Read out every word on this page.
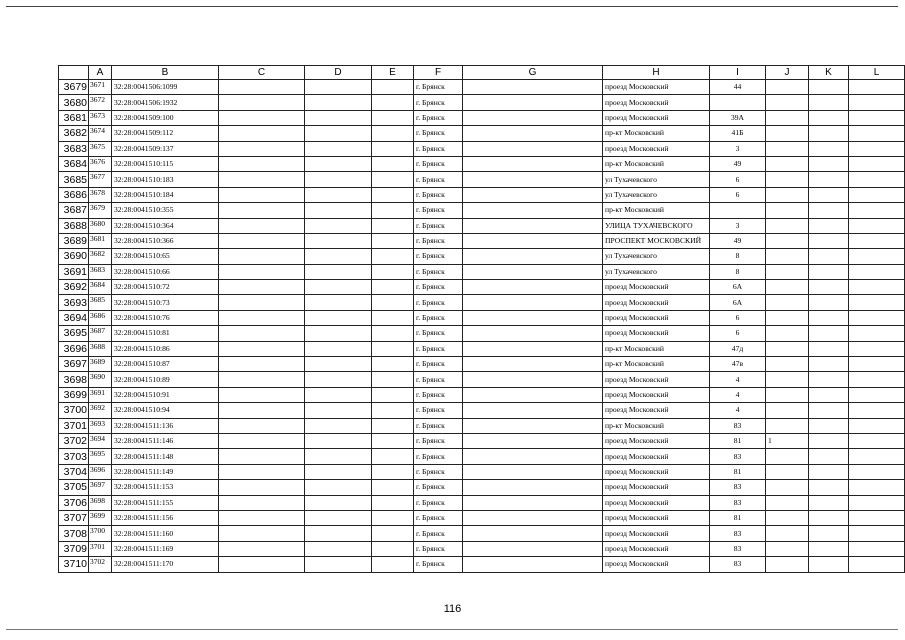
	A	B	C	D	E	F	G	H	I	J	K	L
3679	3671	32:28:0041506:1099				г. Брянск		проезд Московский	44			
3680	3672	32:28:0041506:1932				г. Брянск		проезд Московский				
3681	3673	32:28:0041509:100				г. Брянск		проезд Московский	39А			
3682	3674	32:28:0041509:112				г. Брянск		пр-кт Московский	41Б			
3683	3675	32:28:0041509:137				г. Брянск		проезд Московский	3			
3684	3676	32:28:0041510:115				г. Брянск		пр-кт Московский	49			
3685	3677	32:28:0041510:183				г. Брянск		ул Тухачевского	6			
3686	3678	32:28:0041510:184				г. Брянск		ул Тухачевского	6			
3687	3679	32:28:0041510:355				г. Брянск		пр-кт Московский				
3688	3680	32:28:0041510:364				г. Брянск		УЛИЦА ТУХАЧЕВСКОГО	3			
3689	3681	32:28:0041510:366				г. Брянск		ПРОСПЕКТ МОСКОВСКИЙ	49			
3690	3682	32:28:0041510:65				г. Брянск		ул Тухачевского	8			
3691	3683	32:28:0041510:66				г. Брянск		ул Тухачевского	8			
3692	3684	32:28:0041510:72				г. Брянск		проезд Московский	6А			
3693	3685	32:28:0041510:73				г. Брянск		проезд Московский	6А			
3694	3686	32:28:0041510:76				г. Брянск		проезд Московский	6			
3695	3687	32:28:0041510:81				г. Брянск		проезд Московский	6			
3696	3688	32:28:0041510:86				г. Брянск		пр-кт Московский	47д			
3697	3689	32:28:0041510:87				г. Брянск		пр-кт Московский	47в			
3698	3690	32:28:0041510:89				г. Брянск		проезд Московский	4			
3699	3691	32:28:0041510:91				г. Брянск		проезд Московский	4			
3700	3692	32:28:0041510:94				г. Брянск		проезд Московский	4			
3701	3693	32:28:0041511:136				г. Брянск		пр-кт Московский	83			
3702	3694	32:28:0041511:146				г. Брянск		проезд Московский	81	1		
3703	3695	32:28:0041511:148				г. Брянск		проезд Московский	83			
3704	3696	32:28:0041511:149				г. Брянск		проезд Московский	81			
3705	3697	32:28:0041511:153				г. Брянск		проезд Московский	83			
3706	3698	32:28:0041511:155				г. Брянск		проезд Московский	83			
3707	3699	32:28:0041511:156				г. Брянск		проезд Московский	81			
3708	3700	32:28:0041511:160				г. Брянск		проезд Московский	83			
3709	3701	32:28:0041511:169				г. Брянск		проезд Московский	83			
3710	3702	32:28:0041511:170				г. Брянск		проезд Московский	83			
116
